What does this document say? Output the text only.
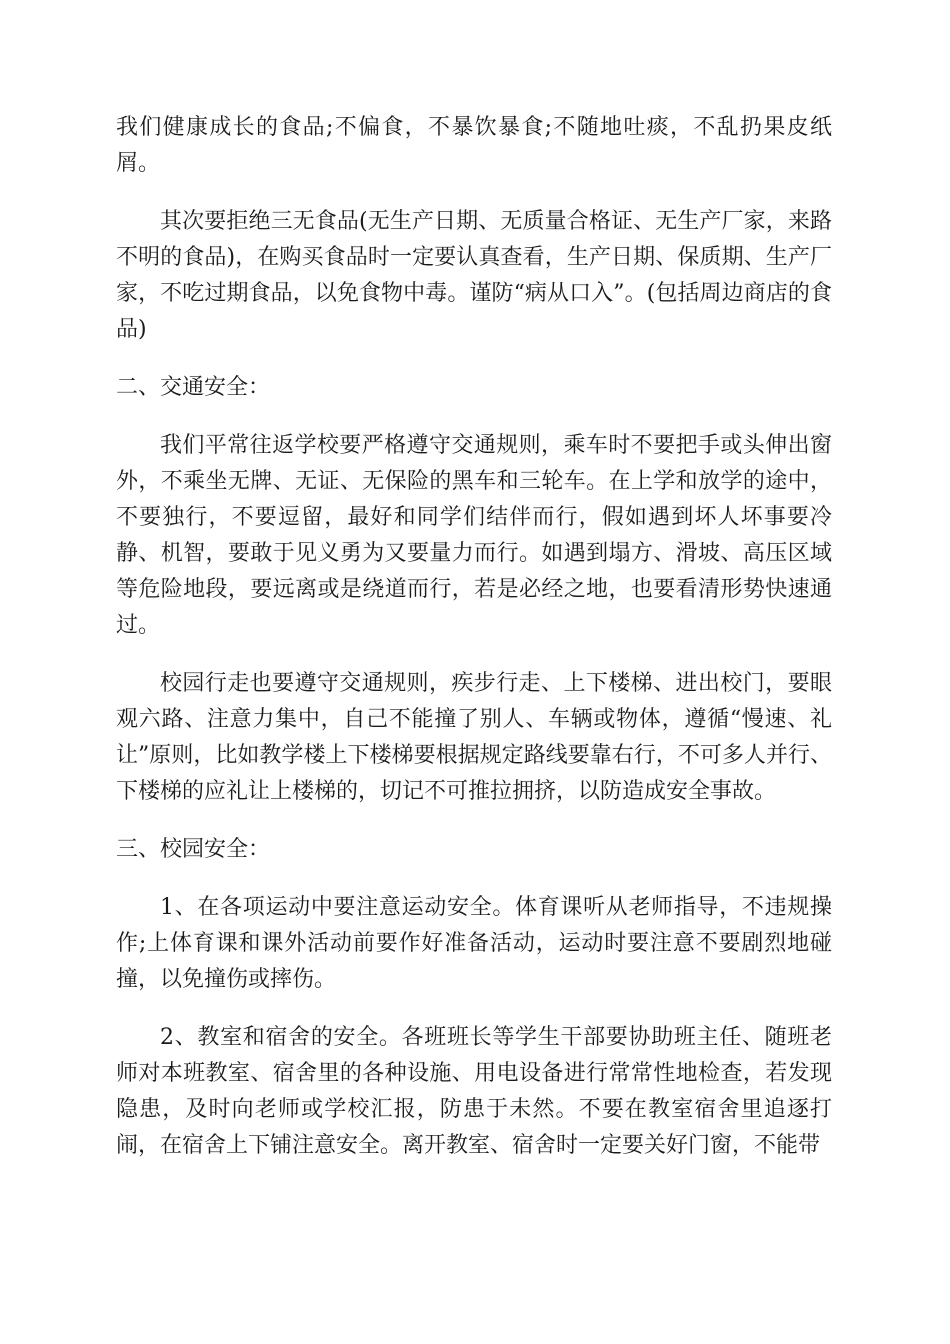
我们健康成长的食品;不偏食，不暴饮暴食;不随地吐痰，不乱扔果皮纸屑。

其次要拒绝三无食品(无生产日期、无质量合格证、无生产厂家，来路不明的食品)，在购买食品时一定要认真查看，生产日期、保质期、生产厂家，不吃过期食品，以免食物中毒。谨防“病从口入”。(包括周边商店的食品)

二、交通安全：

我们平常往返学校要严格遵守交通规则，乘车时不要把手或头伸出窗外，不乘坐无牌、无证、无保险的黑车和三轮车。在上学和放学的途中，不要独行，不要逗留，最好和同学们结伴而行，假如遇到坏人坏事要冷静、机智，要敢于见义勇为又要量力而行。如遇到塌方、滑坡、高压区域等危险地段，要远离或是绕道而行，若是必经之地，也要看清形势快速通过。

校园行走也要遵守交通规则，疾步行走、上下楼梯、进出校门，要眼观六路、注意力集中，自己不能撞了别人、车辆或物体，遵循“慢速、礼让”原则，比如教学楼上下楼梯要根据规定路线要靠右行，不可多人并行、下楼梯的应礼让上楼梯的，切记不可推拉拥挤，以防造成安全事故。

三、校园安全：

1、在各项运动中要注意运动安全。体育课听从老师指导，不违规操作;上体育课和课外活动前要作好准备活动，运动时要注意不要剧烈地碰撞，以免撞伤或摔伤。

2、教室和宿舍的安全。各班班长等学生干部要协助班主任、随班老师对本班教室、宿舍里的各种设施、用电设备进行常常性地检查，若发现隐患，及时向老师或学校汇报，防患于未然。不要在教室宿舍里追逐打闹，在宿舍上下铺注意安全。离开教室、宿舍时一定要关好门窗，不能带
